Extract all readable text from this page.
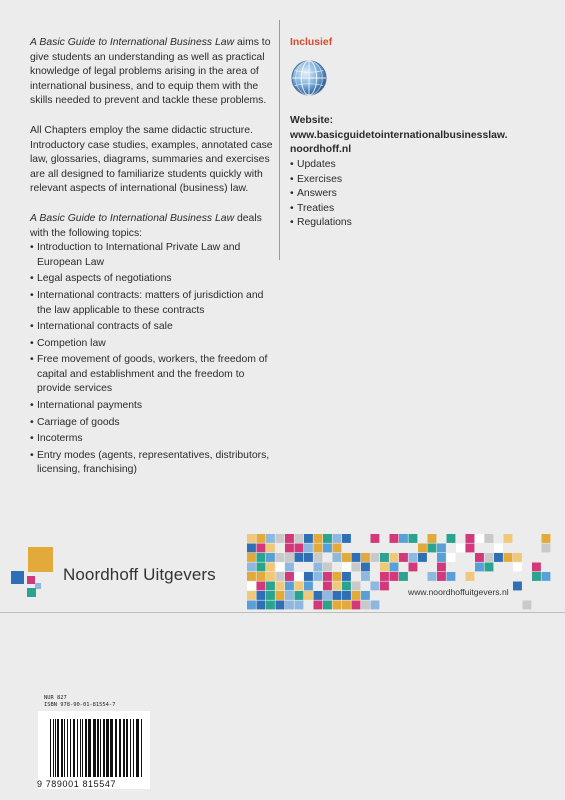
A Basic Guide to International Business Law aims to give students an understanding as well as practical knowledge of legal problems arising in the area of international business, and to equip them with the skills needed to prevent and tackle these problems.

All Chapters employ the same didactic structure. Introductory case studies, examples, annotated case law, glossaries, diagrams, summaries and exercises are all designed to familiarize students quickly with relevant aspects of international (business) law.

A Basic Guide to International Business Law deals with the following topics:
• Introduction to International Private Law and European Law
• Legal aspects of negotiations
• International contracts: matters of jurisdiction and the law applicable to these contracts
• International contracts of sale
• Competion law
• Free movement of goods, workers, the freedom of capital and establishment and the freedom to provide services
• International payments
• Carriage of goods
• Incoterms
• Entry modes (agents, representatives, distributors, licensing, franchising)
Inclusief
Website:
www.basicguidetointernationalbusinesslaw.
noordhoff.nl
• Updates
• Exercises
• Answers
• Treaties
• Regulations
Noordhoff Uitgevers
www.noordhoffuitgevers.nl
NUR 827
ISBN 978-90-01-81554-7
9 789001 815547
